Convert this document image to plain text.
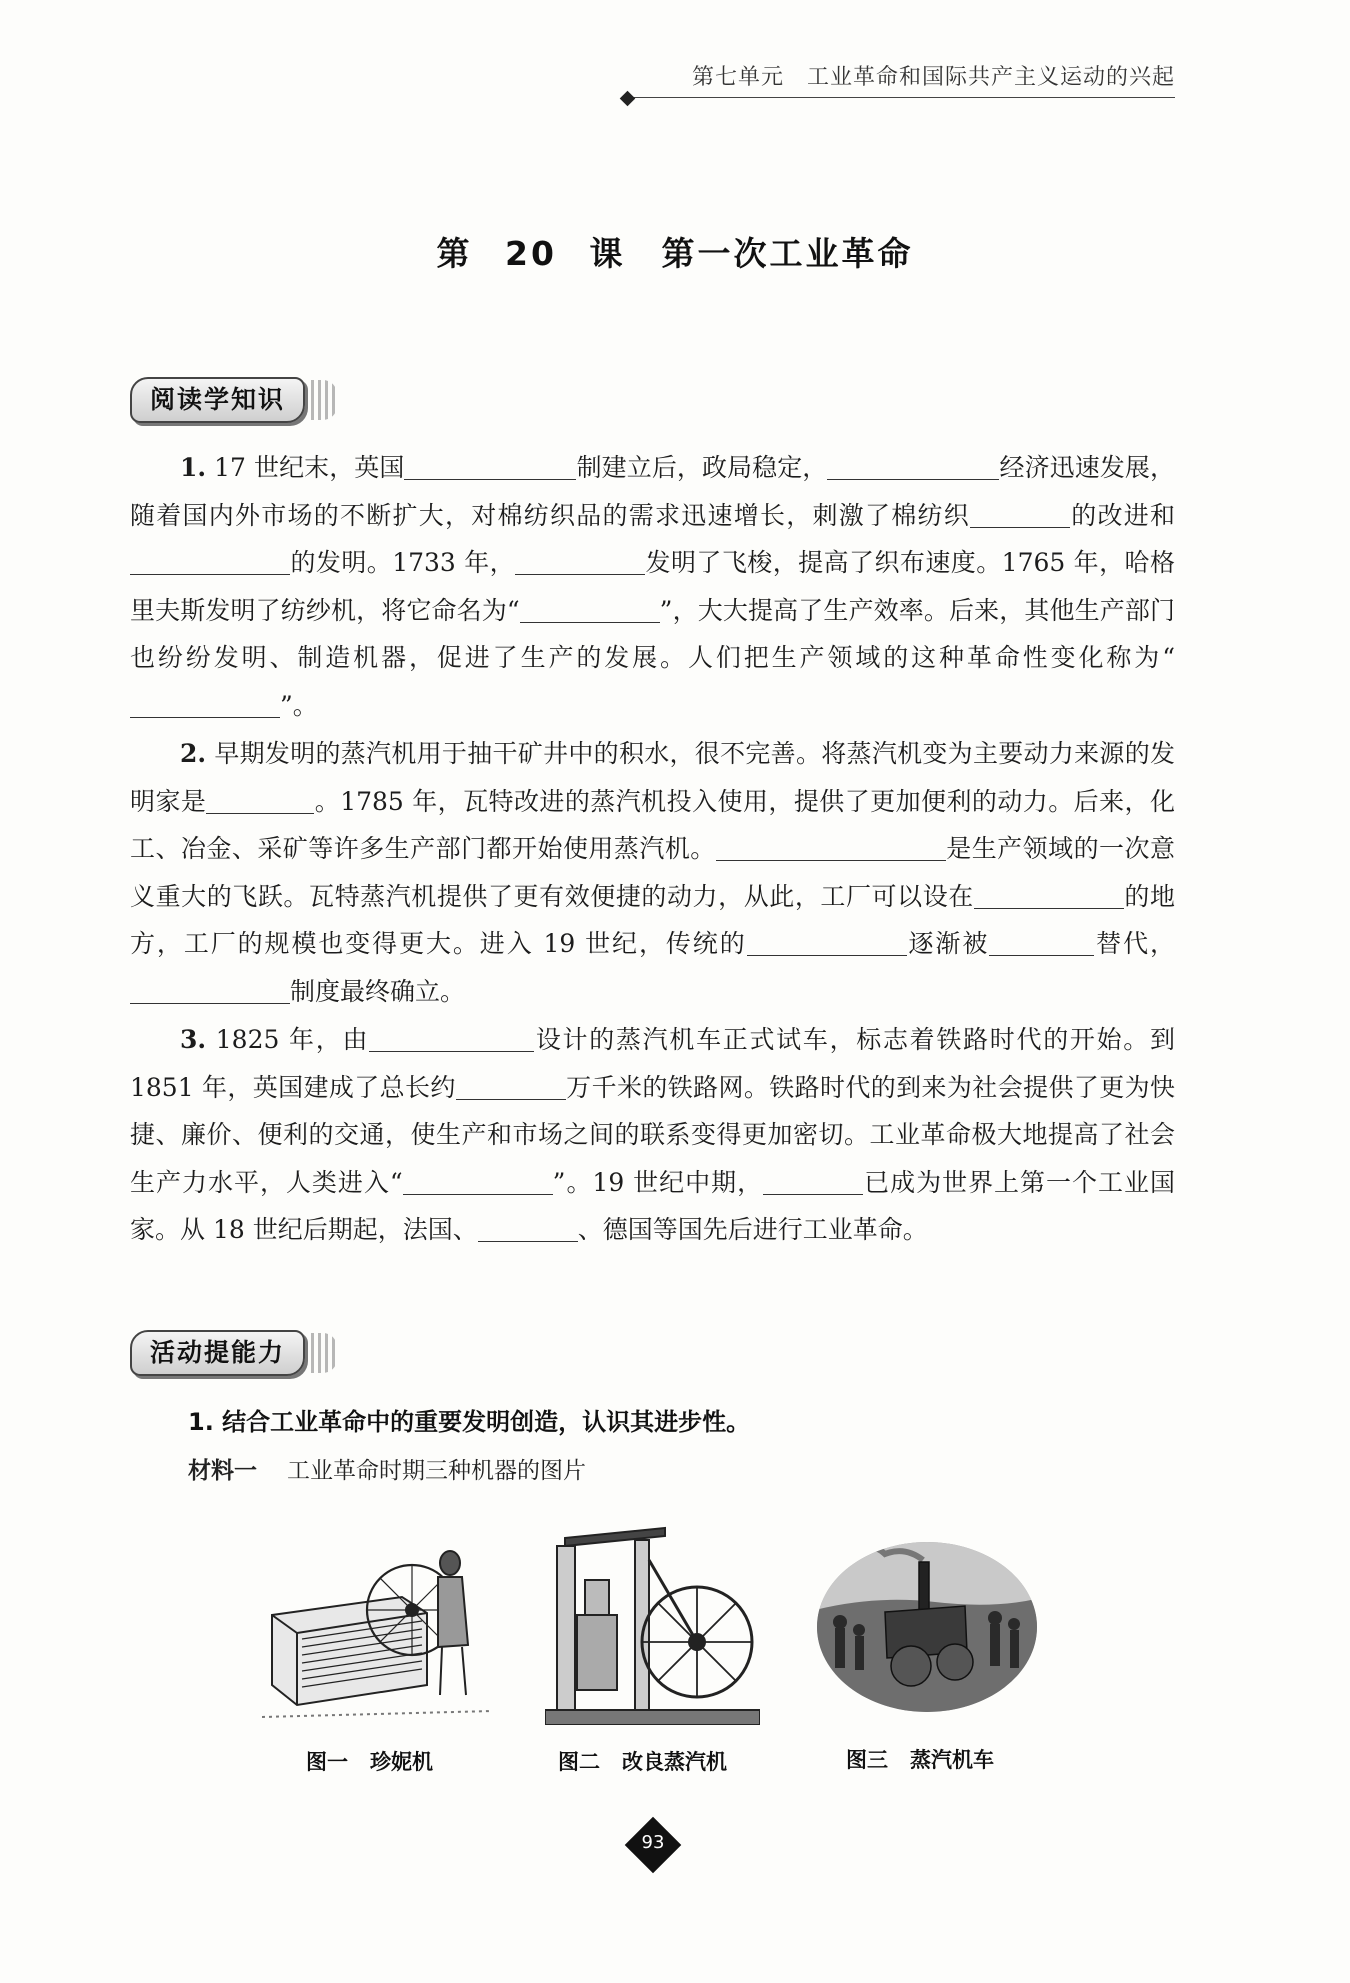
第七单元　工业革命和国际共产主义运动的兴起
第 20 课　第一次工业革命
阅读学知识
1. 17 世纪末，英国	制建立后，政局稳定，	经济迅速发展，随着国内外市场的不断扩大，对棉纺织品的需求迅速增长，刺激了棉纺织	的改进和的发明。1733 年，	发明了飞梭，提高了织布速度。1765 年，哈格里夫斯发明了纺纱机，将它命名为“	”，大大提高了生产效率。后来，其他生产部门也纷纷发明、制造机器，促进了生产的发展。人们把生产领域的这种革命性变化称为“”。
2. 早期发明的蒸汽机用于抽干矿井中的积水，很不完善。将蒸汽机变为主要动力来源的发明家是	。1785 年，瓦特改进的蒸汽机投入使用，提供了更加便利的动力。后来，化工、冶金、采矿等许多生产部门都开始使用蒸汽机。	是生产领域的一次意义重大的飞跃。瓦特蒸汽机提供了更有效便捷的动力，从此，工厂可以设在	的地方，工厂的规模也变得更大。进入 19 世纪，传统的	逐渐被	替代，制度最终确立。
3. 1825 年，由	设计的蒸汽机车正式试车，标志着铁路时代的开始。到 1851 年，英国建成了总长约	万千米的铁路网。铁路时代的到来为社会提供了更为快捷、廉价、便利的交通，使生产和市场之间的联系变得更加密切。工业革命极大地提高了社会生产力水平，人类进入“	”。19 世纪中期，	已成为世界上第一个工业国家。从 18 世纪后期起，法国、	、德国等国先后进行工业革命。
活动提能力
1. 结合工业革命中的重要发明创造，认识其进步性。
材料一 工业革命时期三种机器的图片
图一 珍妮机	图二 改良蒸汽机	图三 蒸汽机车
93
